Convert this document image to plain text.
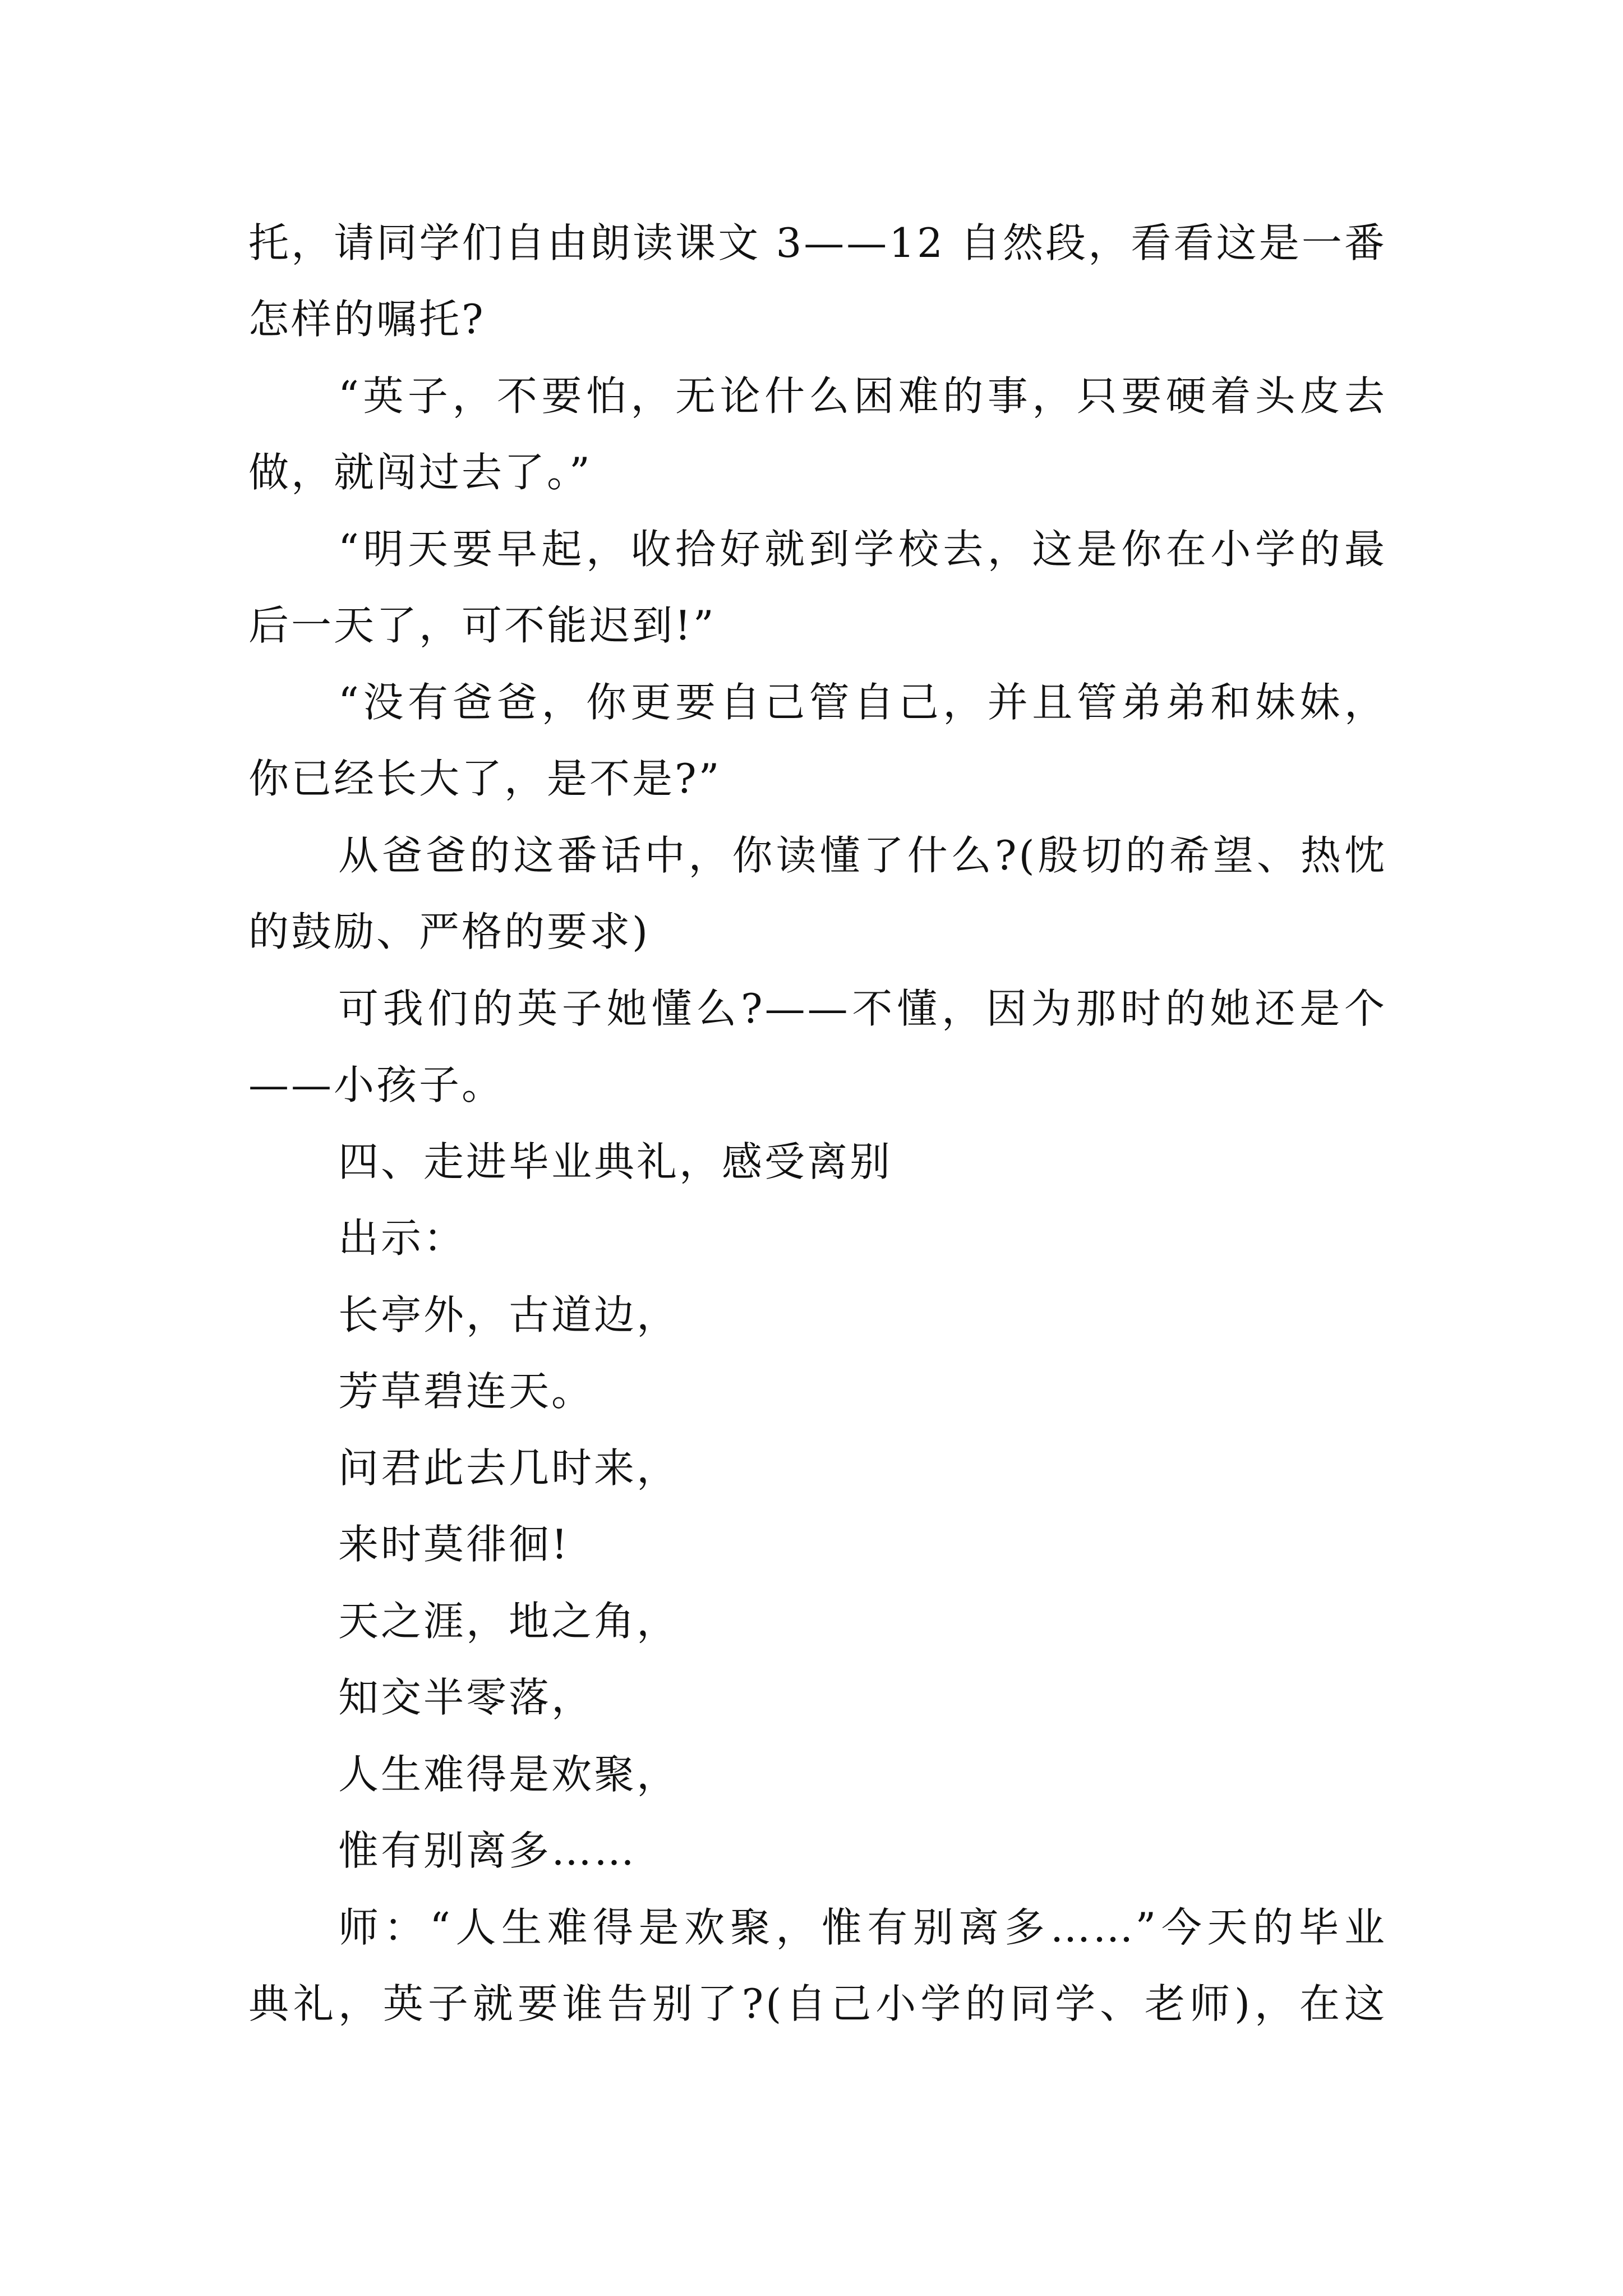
托，请同学们自由朗读课文 3——12 自然段，看看这是一番
怎样的嘱托?
“英子，不要怕，无论什么困难的事，只要硬着头皮去
做，就闯过去了。”
“明天要早起，收拾好就到学校去，这是你在小学的最
后一天了，可不能迟到!”
“没有爸爸，你更要自己管自己，并且管弟弟和妹妹，
你已经长大了，是不是?”
从爸爸的这番话中，你读懂了什么?(殷切的希望、热忱
的鼓励、严格的要求)
可我们的英子她懂么?——不懂，因为那时的她还是个
——小孩子。
四、走进毕业典礼，感受离别
出示：
长亭外，古道边，
芳草碧连天。
问君此去几时来，
来时莫徘徊!
天之涯，地之角，
知交半零落，
人生难得是欢聚，
惟有别离多……
师：“人生难得是欢聚，惟有别离多……”今天的毕业
典礼，英子就要谁告别了?(自己小学的同学、老师)，在这
